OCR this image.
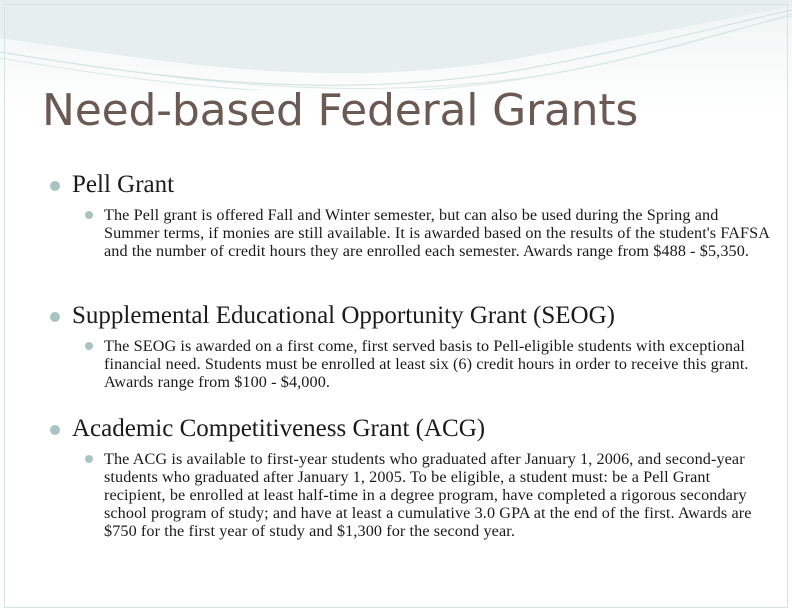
Need-based Federal Grants
Pell Grant
The Pell grant is offered Fall and Winter semester, but can also be used during the Spring and Summer terms, if monies are still available. It is awarded based on the results of the student's FAFSA and the number of credit hours they are enrolled each semester. Awards range from $488 - $5,350.
Supplemental Educational Opportunity Grant (SEOG)
The SEOG is awarded on a first come, first served basis to Pell-eligible students with exceptional financial need. Students must be enrolled at least six (6) credit hours in order to receive this grant. Awards range from $100 - $4,000.
Academic Competitiveness Grant (ACG)
The ACG is available to first-year students who graduated after January 1, 2006, and second-year students who graduated after January 1, 2005. To be eligible, a student must: be a Pell Grant recipient, be enrolled at least half-time in a degree program, have completed a rigorous secondary school program of study; and have at least a cumulative 3.0 GPA at the end of the first. Awards are $750 for the first year of study and $1,300 for the second year.
